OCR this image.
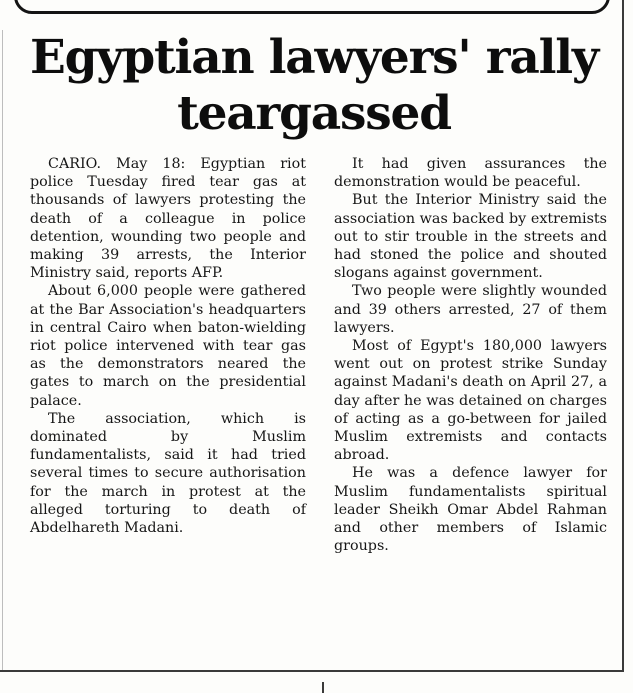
Egyptian lawyers' rally teargassed

CARIO. May 18: Egyptian riot police Tuesday fired tear gas at thousands of lawyers protesting the death of a colleague in police detention, wounding two people and making 39 arrests, the Interior Ministry said, reports AFP.

About 6,000 people were gathered at the Bar Association's headquarters in central Cairo when baton-wielding riot police intervened with tear gas as the demonstrators neared the gates to march on the presidential palace.

The association, which is dominated by Muslim fundamentalists, said it had tried several times to secure authorisation for the march in protest at the alleged torturing to death of Abdelhareth Madani.

It had given assurances the demonstration would be peaceful.

But the Interior Ministry said the association was backed by extremists out to stir trouble in the streets and had stoned the police and shouted slogans against government.

Two people were slightly wounded and 39 others arrested, 27 of them lawyers.

Most of Egypt's 180,000 lawyers went out on protest strike Sunday against Madani's death on April 27, a day after he was detained on charges of acting as a go-between for jailed Muslim extremists and contacts abroad.

He was a defence lawyer for Muslim fundamentalists spiritual leader Sheikh Omar Abdel Rahman and other members of Islamic groups.
